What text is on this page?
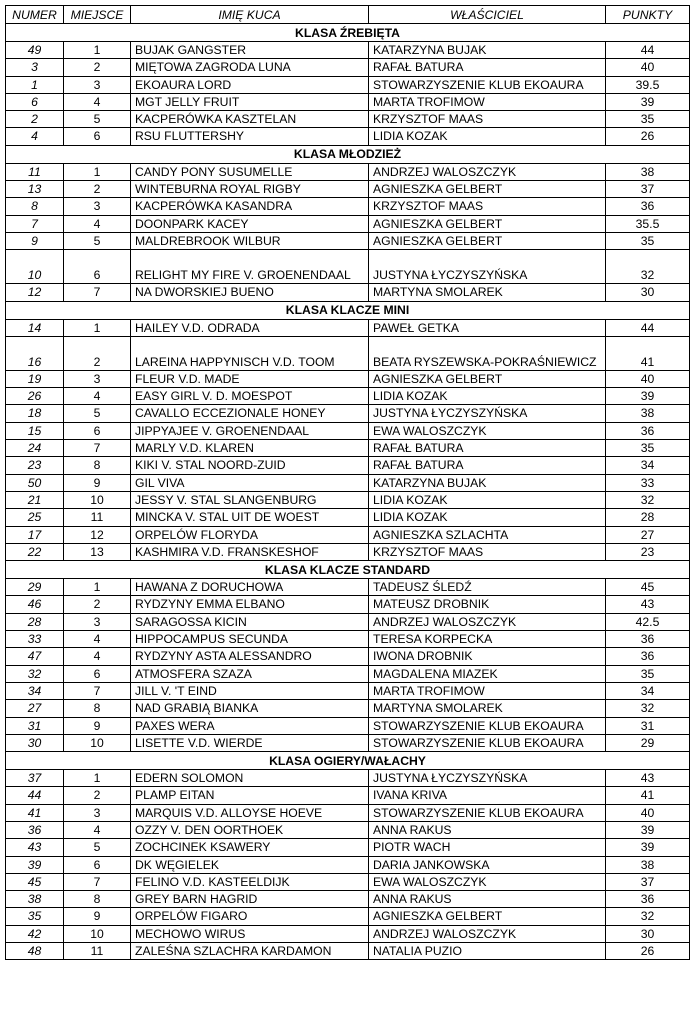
NUMER	MIEJSCE	IMIĘ KUCA	WŁAŚCICIEL	PUNKTY
KLASA ŹREBIĘTA				
49	1	BUJAK GANGSTER	KATARZYNA BUJAK	44
3	2	MIĘTOWA ZAGRODA LUNA	RAFAŁ BATURA	40
1	3	EKOAURA LORD	STOWARZYSZENIE KLUB EKOAURA	39.5
6	4	MGT JELLY FRUIT	MARTA TROFIMOW	39
2	5	KACPERÓWKA KASZTELAN	KRZYSZTOF MAAS	35
4	6	RSU FLUTTERSHY	LIDIA KOZAK	26
KLASA MŁODZIEŻ				
11	1	CANDY PONY SUSUMELLE	ANDRZEJ WALOSZCZYK	38
13	2	WINTEBURNA ROYAL RIGBY	AGNIESZKA GELBERT	37
8	3	KACPERÓWKA KASANDRA	KRZYSZTOF MAAS	36
7	4	DOONPARK KACEY	AGNIESZKA GELBERT	35.5
9	5	MALDREBROOK WILBUR	AGNIESZKA GELBERT	35
10	6	RELIGHT MY FIRE V. GROENENDAAL	JUSTYNA ŁYCZYSZYŃSKA	32
12	7	NA DWORSKIEJ BUENO	MARTYNA SMOLAREK	30
KLASA KLACZE MINI				
14	1	HAILEY V.D. ODRADA	PAWEŁ GETKA	44
16	2	LAREINA HAPPYNISCH V.D. TOOM	BEATA RYSZEWSKA-POKRAŚNIEWICZ	41
19	3	FLEUR V.D. MADE	AGNIESZKA GELBERT	40
26	4	EASY GIRL V. D. MOESPOT	LIDIA KOZAK	39
18	5	CAVALLO ECCEZIONALE HONEY	JUSTYNA ŁYCZYSZYŃSKA	38
15	6	JIPPYAJEE V. GROENENDAAL	EWA WALOSZCZYK	36
24	7	MARLY V.D. KLAREN	RAFAŁ BATURA	35
23	8	KIKI V. STAL NOORD-ZUID	RAFAŁ BATURA	34
50	9	GIL VIVA	KATARZYNA BUJAK	33
21	10	JESSY V. STAL SLANGENBURG	LIDIA KOZAK	32
25	11	MINCKA V. STAL UIT DE WOEST	LIDIA KOZAK	28
17	12	ORPELÓW FLORYDA	AGNIESZKA SZLACHTA	27
22	13	KASHMIRA V.D. FRANSKESHOF	KRZYSZTOF MAAS	23
KLASA KLACZE STANDARD				
29	1	HAWANA Z DORUCHOWA	TADEUSZ ŚLEDŹ	45
46	2	RYDZYNY EMMA ELBANO	MATEUSZ DROBNIK	43
28	3	SARAGOSSA KICIN	ANDRZEJ WALOSZCZYK	42.5
33	4	HIPPOCAMPUS SECUNDA	TERESA KORPECKA	36
47	4	RYDZYNY ASTA ALESSANDRO	IWONA DROBNIK	36
32	6	ATMOSFERA SZAZA	MAGDALENA MIAZEK	35
34	7	JILL V. 'T EIND	MARTA TROFIMOW	34
27	8	NAD GRABIĄ BIANKA	MARTYNA SMOLAREK	32
31	9	PAXES WERA	STOWARZYSZENIE KLUB EKOAURA	31
30	10	LISETTE V.D. WIERDE	STOWARZYSZENIE KLUB EKOAURA	29
KLASA OGIERY/WAŁACHY				
37	1	EDERN SOLOMON	JUSTYNA ŁYCZYSZYŃSKA	43
44	2	PLAMP EITAN	IVANA KRIVA	41
41	3	MARQUIS V.D. ALLOYSE HOEVE	STOWARZYSZENIE KLUB EKOAURA	40
36	4	OZZY V. DEN OORTHOEK	ANNA RAKUS	39
43	5	ZOCHCINEK KSAWERY	PIOTR WACH	39
39	6	DK WĘGIELEK	DARIA JANKOWSKA	38
45	7	FELINO V.D. KASTEELDIJK	EWA WALOSZCZYK	37
38	8	GREY BARN HAGRID	ANNA RAKUS	36
35	9	ORPELÓW FIGARO	AGNIESZKA GELBERT	32
42	10	MECHOWO WIRUS	ANDRZEJ WALOSZCZYK	30
48	11	ZALEŚNA SZLACHRA KARDAMON	NATALIA PUZIO	26
